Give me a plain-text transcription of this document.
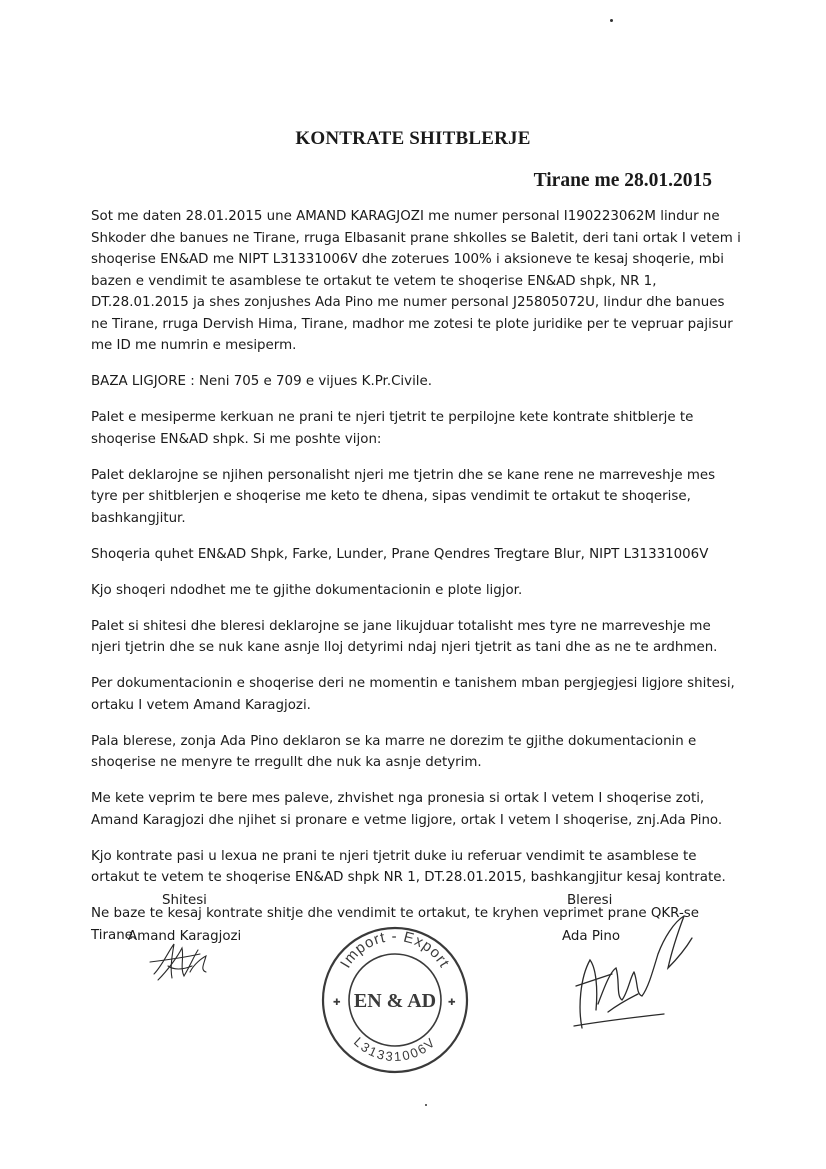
KONTRATE SHITBLERJE
Tirane me 28.01.2015

Sot me daten 28.01.2015 une AMAND KARAGJOZI me numer personal I190223062M lindur ne Shkoder dhe banues ne Tirane, rruga Elbasanit prane shkolles se Baletit, deri tani ortak I vetem i shoqerise EN&AD me NIPT L31331006V dhe zoterues 100% i aksioneve te kesaj shoqerie, mbi bazen e vendimit te asamblese te ortakut te vetem te shoqerise EN&AD shpk, NR 1, DT.28.01.2015 ja shes zonjushes Ada Pino me numer personal J25805072U, lindur dhe banues ne Tirane, rruga Dervish Hima, Tirane, madhor me zotesi te plote juridike per te vepruar pajisur me ID me numrin e mesiperm.

BAZA LIGJORE : Neni 705 e 709 e vijues K.Pr.Civile.

Palet e mesiperme kerkuan ne prani te njeri tjetrit te perpilojne kete kontrate shitblerje te shoqerise EN&AD shpk. Si me poshte vijon:

Palet deklarojne se njihen personalisht njeri me tjetrin dhe se kane rene ne marreveshje mes tyre per shitblerjen e shoqerise me keto te dhena, sipas vendimit te ortakut te shoqerise, bashkangjitur.

Shoqeria quhet EN&AD Shpk, Farke, Lunder, Prane Qendres Tregtare Blur, NIPT L31331006V

Kjo shoqeri ndodhet me te gjithe dokumentacionin e plote ligjor.

Palet si shitesi dhe bleresi deklarojne se jane likujduar totalisht mes tyre ne marreveshje me njeri tjetrin dhe se nuk kane asnje lloj detyrimi ndaj njeri tjetrit as tani dhe as ne te ardhmen.

Per dokumentacionin e shoqerise deri ne momentin e tanishem mban pergjegjesi ligjore shitesi, ortaku I vetem Amand Karagjozi.

Pala blerese, zonja Ada Pino deklaron se ka marre ne dorezim te gjithe dokumentacionin e shoqerise ne menyre te rregullt dhe nuk ka asnje detyrim.

Me kete veprim te bere mes paleve, zhvishet nga pronesia si ortak I vetem I shoqerise zoti, Amand Karagjozi dhe njihet si pronare e vetme ligjore, ortak I vetem I shoqerise, znj.Ada Pino.

Kjo kontrate pasi u lexua ne prani te njeri tjetrit duke iu referuar vendimit te asamblese te ortakut te vetem te shoqerise EN&AD shpk NR 1, DT.28.01.2015, bashkangjitur kesaj kontrate.

Ne baze te kesaj kontrate shitje dhe vendimit te ortakut, te kryhen veprimet prane QKR-se Tirane.

Shitesi
Amand Karagjozi
Import - Export
EN & AD
L31331006V
✚	✚
Bleresi
Ada Pino
